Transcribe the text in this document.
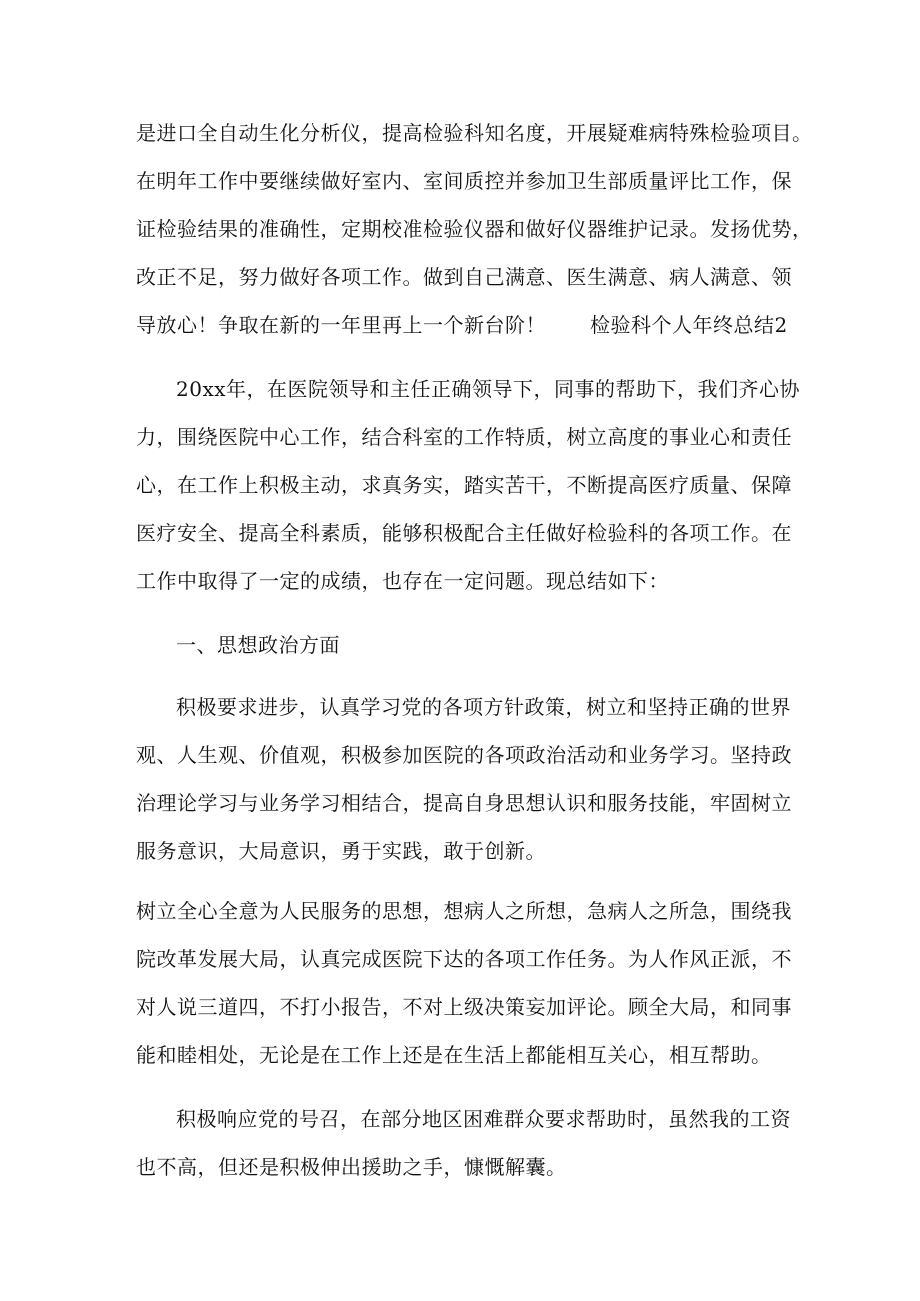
是进口全自动生化分析仪，提高检验科知名度，开展疑难病特殊检验项目。
在明年工作中要继续做好室内、室间质控并参加卫生部质量评比工作，保
证检验结果的准确性，定期校准检验仪器和做好仪器维护记录。发扬优势，
改正不足，努力做好各项工作。做到自己满意、医生满意、病人满意、领
导放心！争取在新的一年里再上一个新台阶！ 检验科个人年终总结2
20xx年，在医院领导和主任正确领导下，同事的帮助下，我们齐心协
力，围绕医院中心工作，结合科室的工作特质，树立高度的事业心和责任
心，在工作上积极主动，求真务实，踏实苦干，不断提高医疗质量、保障
医疗安全、提高全科素质，能够积极配合主任做好检验科的各项工作。在
工作中取得了一定的成绩，也存在一定问题。现总结如下：
一、思想政治方面
积极要求进步，认真学习党的各项方针政策，树立和坚持正确的世界
观、人生观、价值观，积极参加医院的各项政治活动和业务学习。坚持政
治理论学习与业务学习相结合，提高自身思想认识和服务技能，牢固树立
服务意识，大局意识，勇于实践，敢于创新。
树立全心全意为人民服务的思想，想病人之所想，急病人之所急，围绕我
院改革发展大局，认真完成医院下达的各项工作任务。为人作风正派，不
对人说三道四，不打小报告，不对上级决策妄加评论。顾全大局，和同事
能和睦相处，无论是在工作上还是在生活上都能相互关心，相互帮助。
积极响应党的号召，在部分地区困难群众要求帮助时，虽然我的工资
也不高，但还是积极伸出援助之手，慷慨解囊。
